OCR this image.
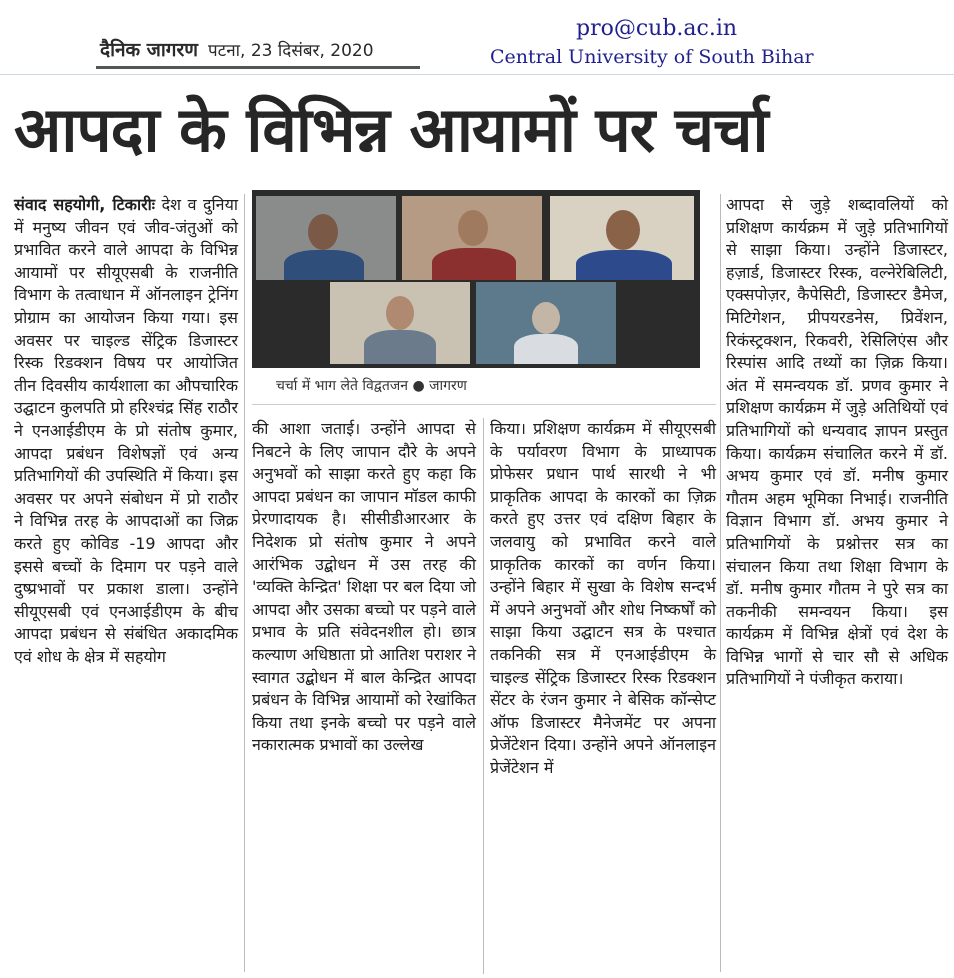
दैनिक जागरण पटना, 23 दिसंबर, 2020
pro@cub.ac.in
Central University of South Bihar
आपदा के विभिन्न आयामों पर चर्चा

संवाद सहयोगी, टिकारीः देश व दुनिया में मनुष्य जीवन एवं जीव-जंतुओं को प्रभावित करने वाले आपदा के विभिन्न आयामों पर सीयूएसबी के राजनीति विभाग के तत्वाधान में ऑनलाइन ट्रेनिंग प्रोग्राम का आयोजन किया गया। इस अवसर पर चाइल्ड सेंट्रिक डिजास्टर रिस्क रिडक्शन विषय पर आयोजित तीन दिवसीय कार्यशाला का औपचारिक उद्घाटन कुलपति प्रो हरिश्चंद्र सिंह राठौर ने एनआईडीएम के प्रो संतोष कुमार, आपदा प्रबंधन विशेषज्ञों एवं अन्य प्रतिभागियों की उपस्थिति में किया। इस अवसर पर अपने संबोधन में प्रो राठौर ने विभिन्न तरह के आपदाओं का जिक्र करते हुए कोविड -19 आपदा और इससे बच्चों के दिमाग पर पड़ने वाले दुष्प्रभावों पर प्रकाश डाला। उन्होंने सीयूएसबी एवं एनआईडीएम के बीच आपदा प्रबंधन से संबंधित अकादमिक एवं शोध के क्षेत्र में सहयोग

चर्चा में भाग लेते विद्वतजन ● जागरण

की आशा जताई। उन्होंने आपदा से निबटने के लिए जापान दौरे के अपने अनुभवों को साझा करते हुए कहा कि आपदा प्रबंधन का जापान मॉडल काफी प्रेरणादायक है। सीसीडीआरआर के निदेशक प्रो संतोष कुमार ने अपने आरंभिक उद्बोधन में उस तरह की 'व्यक्ति केन्द्रित' शिक्षा पर बल दिया जो आपदा और उसका बच्चो पर पड़ने वाले प्रभाव के प्रति संवेदनशील हो। छात्र कल्याण अधिष्ठाता प्रो आतिश पराशर ने स्वागत उद्बोधन में बाल केन्द्रित आपदा प्रबंधन के विभिन्न आयामों को रेखांकित किया तथा इनके बच्चो पर पड़ने वाले नकारात्मक प्रभावों का उल्लेख

किया। प्रशिक्षण कार्यक्रम में सीयूएसबी के पर्यावरण विभाग के प्राध्यापक प्रोफेसर प्रधान पार्थ सारथी ने भी प्राकृतिक आपदा के कारकों का ज़िक्र करते हुए उत्तर एवं दक्षिण बिहार के जलवायु को प्रभावित करने वाले प्राकृतिक कारकों का वर्णन किया। उन्होंने बिहार में सुखा के विशेष सन्दर्भ में अपने अनुभवों और शोध निष्कर्षों को साझा किया उद्घाटन सत्र के पश्चात तकनिकी सत्र में एनआईडीएम के चाइल्ड सेंट्रिक डिजास्टर रिस्क रिडक्शन सेंटर के रंजन कुमार ने बेसिक कॉन्सेप्ट ऑफ डिजास्टर मैनेजमेंट पर अपना प्रेजेंटेशन दिया। उन्होंने अपने ऑनलाइन प्रेजेंटेशन में

आपदा से जुड़े शब्दावलियों को प्रशिक्षण कार्यक्रम में जुड़े प्रतिभागियों से साझा किया। उन्होंने डिजास्टर, हज़ार्ड, डिजास्टर रिस्क, वल्नेरेबिलिटी, एक्सपोज़र, कैपेसिटी, डिजास्टर डैमेज, मिटिगेशन, प्रीपयरडनेस, प्रिवेंशन, रिकंस्ट्रक्शन, रिकवरी, रेसिलिएंस और रिस्पांस आदि तथ्यों का ज़िक्र किया। अंत में समन्वयक डॉ. प्रणव कुमार ने प्रशिक्षण कार्यक्रम में जुड़े अतिथियों एवं प्रतिभागियों को धन्यवाद ज्ञापन प्रस्तुत किया। कार्यक्रम संचालित करने में डॉ. अभय कुमार एवं डॉ. मनीष कुमार गौतम अहम भूमिका निभाई। राजनीति विज्ञान विभाग डॉ. अभय कुमार ने प्रतिभागियों के प्रश्नोत्तर सत्र का संचालन किया तथा शिक्षा विभाग के डॉ. मनीष कुमार गौतम ने पुरे सत्र का तकनीकी समन्वयन किया। इस कार्यक्रम में विभिन्न क्षेत्रों एवं देश के विभिन्न भागों से चार सौ से अधिक प्रतिभागियों ने पंजीकृत कराया।
